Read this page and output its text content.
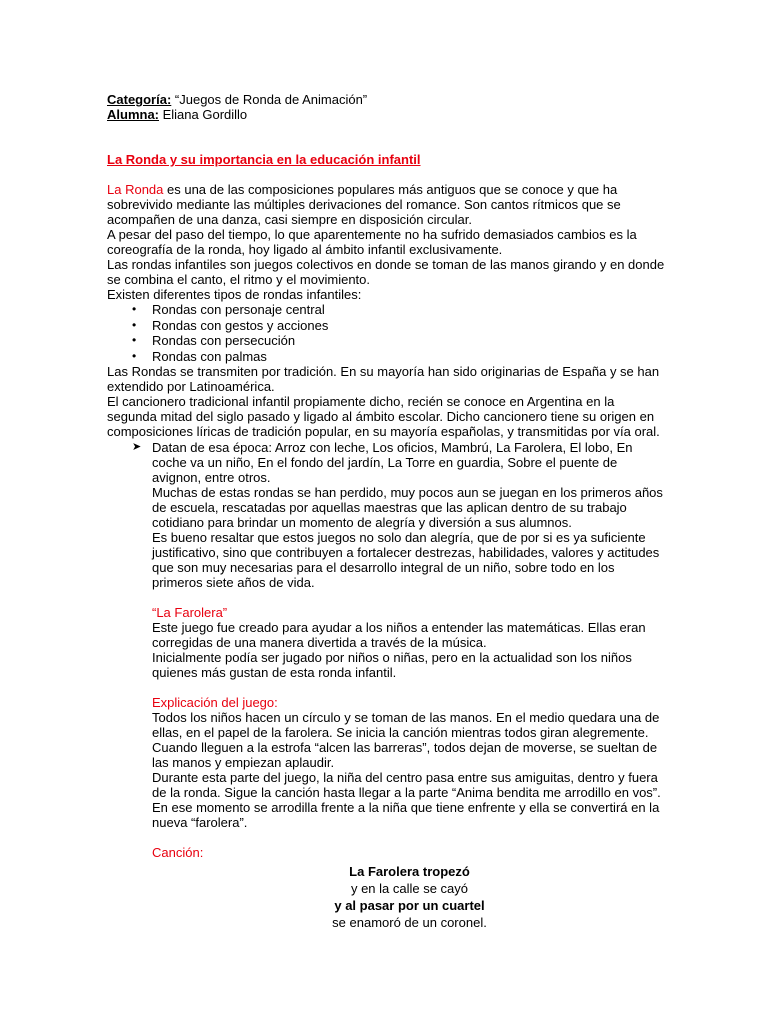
Categoría: “Juegos de Ronda de Animación”

Alumna: Eliana Gordillo

La Ronda y su importancia en la educación infantil

La Ronda es una de las composiciones populares más antiguos que se conoce y que ha sobrevivido mediante las múltiples derivaciones del romance. Son cantos rítmicos que se acompañen de una danza, casi siempre en disposición circular.

A pesar del paso del tiempo, lo que aparentemente no ha sufrido demasiados cambios es la coreografía de la ronda, hoy ligado al ámbito infantil exclusivamente.

Las rondas infantiles son juegos colectivos en donde se toman de las manos girando y en donde se combina el canto, el ritmo y el movimiento.

Existen diferentes tipos de rondas infantiles:

•	Rondas con personaje central
•	Rondas con gestos y acciones
•	Rondas con persecución
•	Rondas con palmas

Las Rondas se transmiten por tradición. En su mayoría han sido originarias de España y se han extendido por Latinoamérica.

El cancionero tradicional infantil propiamente dicho, recién se conoce en Argentina en la segunda mitad del siglo pasado y ligado al ámbito escolar. Dicho cancionero tiene su origen en composiciones líricas de tradición popular, en su mayoría españolas, y transmitidas por vía oral.

➤ Datan de esa época: Arroz con leche, Los oficios, Mambrú, La Farolera, El lobo, En coche va un niño, En el fondo del jardín, La Torre en guardia, Sobre el puente de avignon, entre otros.

Muchas de estas rondas se han perdido, muy pocos aun se juegan en los primeros años de escuela, rescatadas por aquellas maestras que las aplican dentro de su trabajo cotidiano para brindar un momento de alegría y diversión a sus alumnos.

Es bueno resaltar que estos juegos no solo dan alegría, que de por si es ya suficiente justificativo, sino que contribuyen a fortalecer destrezas, habilidades, valores y actitudes que son muy necesarias para el desarrollo integral de un niño, sobre todo en los primeros siete años de vida.

“La Farolera”

Este juego fue creado para ayudar a los niños a entender las matemáticas. Ellas eran corregidas de una manera divertida a través de la música.

Inicialmente podía ser jugado por niños o niñas, pero en la actualidad son los niños quienes más gustan de esta ronda infantil.

Explicación del juego:

Todos los niños hacen un círculo y se toman de las manos. En el medio quedara una de ellas, en el papel de la farolera. Se inicia la canción mientras todos giran alegremente.

Cuando lleguen a la estrofa “alcen las barreras”, todos dejan de moverse, se sueltan de las manos y empiezan aplaudir.

Durante esta parte del juego, la niña del centro pasa entre sus amiguitas, dentro y fuera de la ronda. Sigue la canción hasta llegar a la parte “Anima bendita me arrodillo en vos”. En ese momento se arrodilla frente a la niña que tiene enfrente y ella se convertirá en la nueva “farolera”.

Canción:

La Farolera tropezó

y en la calle se cayó

y al pasar por un cuartel

se enamoró de un coronel.
